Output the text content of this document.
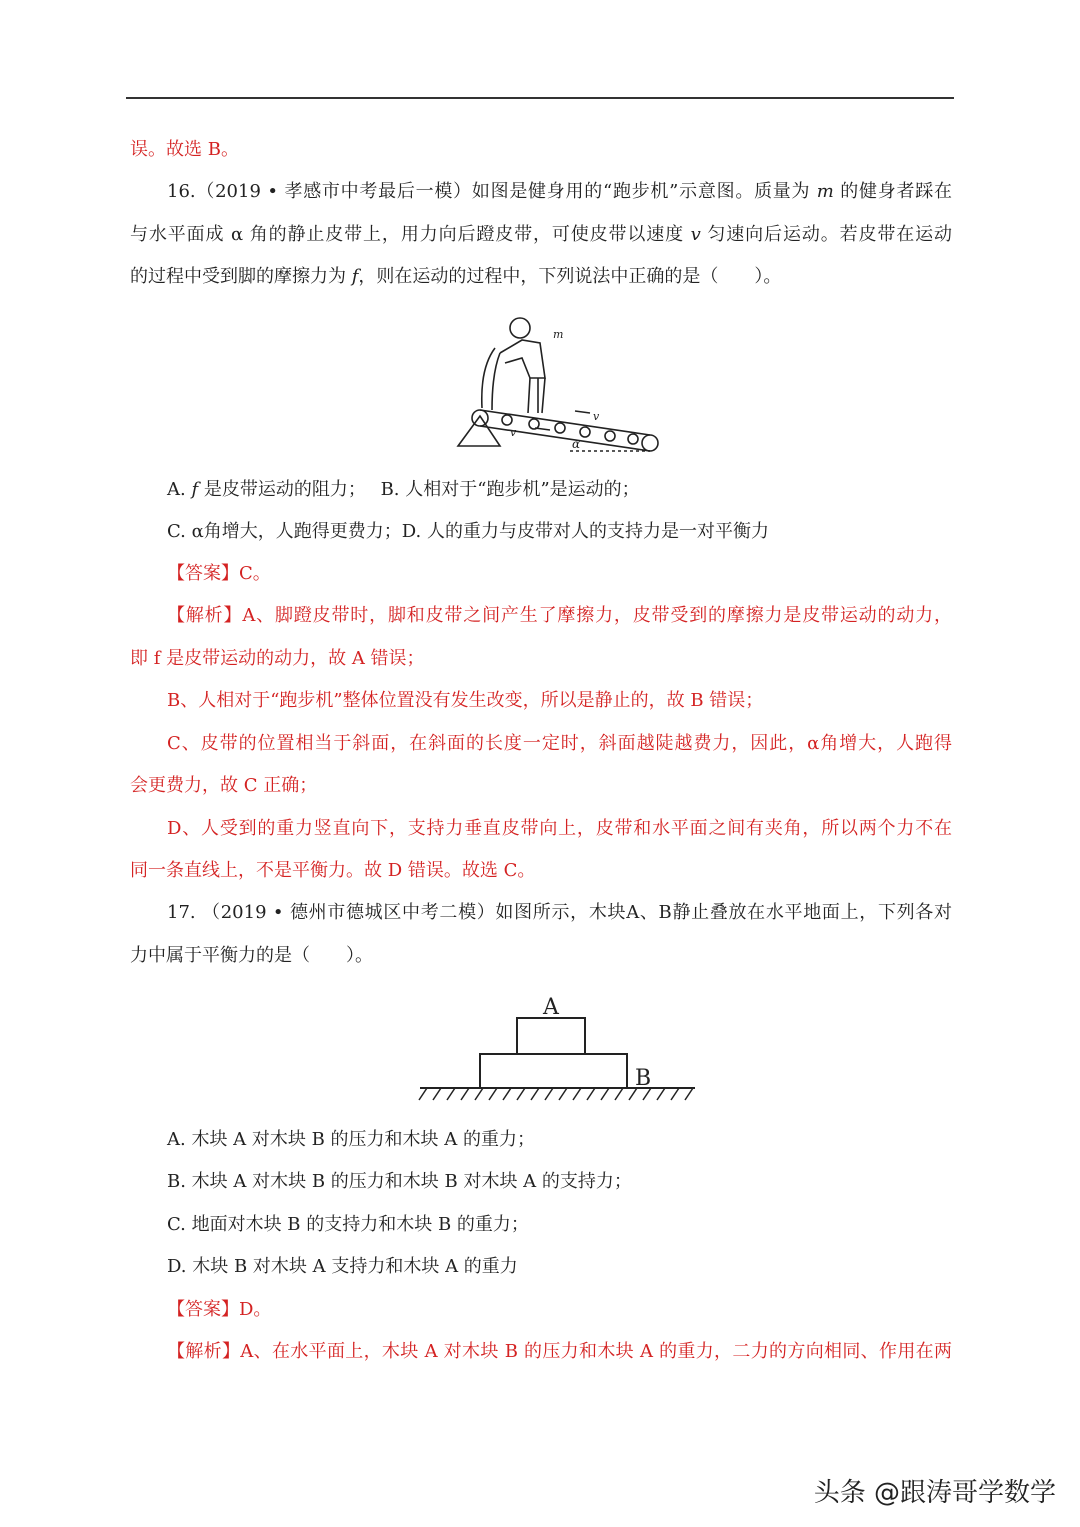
误。故选 B。
16.（2019 • 孝感市中考最后一模）如图是健身用的“跑步机”示意图。质量为 m 的健身者踩在
与水平面成 α 角的静止皮带上，用力向后蹬皮带，可使皮带以速度 v 匀速向后运动。若皮带在运动
的过程中受到脚的摩擦力为 f，则在运动的过程中，下列说法中正确的是（　　）。
m
v
v
α
A. f 是皮带运动的阻力；　 B. 人相对于“跑步机”是运动的；
C. α角增大，人跑得更费力；D. 人的重力与皮带对人的支持力是一对平衡力
【答案】C。
【解析】A、脚蹬皮带时，脚和皮带之间产生了摩擦力，皮带受到的摩擦力是皮带运动的动力，
即 f 是皮带运动的动力，故 A 错误；
B、人相对于“跑步机”整体位置没有发生改变，所以是静止的，故 B 错误；
C、皮带的位置相当于斜面，在斜面的长度一定时，斜面越陡越费力，因此，α角增大，人跑得
会更费力，故 C 正确；
D、人受到的重力竖直向下，支持力垂直皮带向上，皮带和水平面之间有夹角，所以两个力不在
同一条直线上，不是平衡力。故 D 错误。故选 C。
17. （2019 • 德州市德城区中考二模）如图所示，木块A、B静止叠放在水平地面上，下列各对
力中属于平衡力的是（　　）。
A
B
A. 木块 A 对木块 B 的压力和木块 A 的重力；
B. 木块 A 对木块 B 的压力和木块 B 对木块 A 的支持力；
C. 地面对木块 B 的支持力和木块 B 的重力；
D. 木块 B 对木块 A 支持力和木块 A 的重力
【答案】D。
【解析】A、在水平面上，木块 A 对木块 B 的压力和木块 A 的重力，二力的方向相同、作用在两
头条 @跟涛哥学数学
